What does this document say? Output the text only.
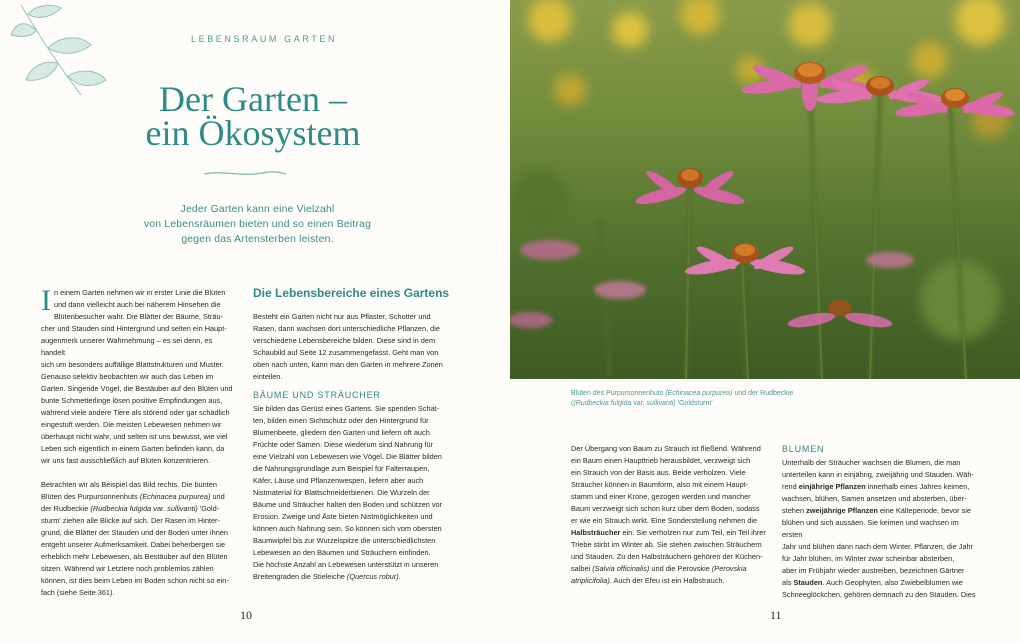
LEBENSRAUM GARTEN
Der Garten –
ein Ökosystem
Jeder Garten kann eine Vielzahl
von Lebensräumen bieten und so einen Beitrag
gegen das Artensterben leisten.
I n einem Garten nehmen wir in erster Linie die Blüten
und dann vielleicht auch bei näherem Hinsehen die
Blütenbesucher wahr. Die Blätter der Bäume, Sträu-
cher und Stauden sind Hintergrund und selten ein Haupt-
augenmerk unserer Wahrnehmung – es sei denn, es handelt
sich um besonders auffällige Blattstrukturen und Muster.
Genauso selektiv beobachten wir auch das Leben im
Garten. Singende Vögel, die Bestäuber auf den Blüten und
bunte Schmetterlinge lösen positive Empfindungen aus,
während viele andere Tiere als störend oder gar schädlich
eingestuft werden. Die meisten Lebewesen nehmen wir
überhaupt nicht wahr, und selten ist uns bewusst, wie viel
Leben sich eigentlich in einem Garten befinden kann, da
wir uns fast ausschließlich auf Blüten konzentrieren.
Betrachten wir als Beispiel das Bild rechts. Die bunten
Blüten des Purpursonnenhuts (Echinacea purpurea) und
der Rudbeckie (Rudbeckia fulgida var. sullivanti) 'Gold-
sturm' ziehen alle Blicke auf sich. Der Rasen im Hinter-
grund, die Blätter der Stauden und der Boden unter ihnen
entgeht unserer Aufmerksamkeit. Dabei beherbergen sie
erheblich mehr Lebewesen, als Bestäuber auf den Blüten
sitzen. Während wir Letztere noch problemlos zählen
können, ist dies beim Leben im Boden schon nicht so ein-
fach (siehe Seite 361).
Die Lebensbereiche eines Gartens
Besteht ein Garten nicht nur aus Pflaster, Schotter und
Rasen, dann wachsen dort unterschiedliche Pflanzen, die
verschiedene Lebensbereiche bilden. Diese sind in dem
Schaubild auf Seite 12 zusammengefasst. Geht man von
oben nach unten, kann man den Garten in mehrere Zonen
einteilen.
BÄUME UND STRÄUCHER
Sie bilden das Gerüst eines Gartens. Sie spenden Schat-
ten, bilden einen Sichtschutz oder den Hintergrund für
Blumenbeete, gliedern den Garten und liefern oft auch
Früchte oder Samen. Diese wiederum sind Nahrung für
eine Vielzahl von Lebewesen wie Vögel. Die Blätter bilden
die Nahrungsgrundlage zum Beispiel für Falterraupen,
Käfer, Läuse und Pflanzenwespen, liefern aber auch
Nistmaterial für Blattschneiderbienen. Die Wurzeln der
Bäume und Sträucher halten den Boden und schützen vor
Erosion. Zweige und Äste bieten Nistmöglichkeiten und
können auch Nahrung sein. So können sich vom obersten
Baumwipfel bis zur Wurzelspitze die unterschiedlichsten
Lebewesen an den Bäumen und Sträuchern einfinden.
Die höchste Anzahl an Lebewesen unterstützt in unseren
Breitengraden die Stieleiche (Quercus robur).
10
Blüten des Purpursonnenhuts (Echinacea purpurea) und der Rudbeckie
((Rudbeckia fulgida var. sullivanti) 'Goldsturm'
Der Übergang von Baum zu Strauch ist fließend. Während
ein Baum einen Haupttrieb herausbildet, verzweigt sich
ein Strauch von der Basis aus. Beide verholzen. Viele
Sträucher können in Baumform, also mit einem Haupt-
stamm und einer Krone, gezogen werden und mancher
Baum verzweigt sich schon kurz über dem Boden, sodass
er wie ein Strauch wirkt. Eine Sonderstellung nehmen die
Halbsträucher ein. Sie verholzen nur zum Teil, ein Teil ihrer
Triebe stirbt im Winter ab. Sie stehen zwischen Sträuchern
und Stauden. Zu den Halbsträuchern gehören der Küchen-
salbei (Salvia officinalis) und die Perovskie (Perovskia
atriplicifolia). Auch der Efeu ist ein Halbstrauch.
BLUMEN
Unterhalb der Sträucher wachsen die Blumen, die man
unterteilen kann in einjährig, zweijährig und Stauden. Wäh-
rend einjährige Pflanzen innerhalb eines Jahres keimen,
wachsen, blühen, Samen ansetzen und absterben, über-
stehen zweijährige Pflanzen eine Kälteperiode, bevor sie
blühen und sich aussäen. Sie keimen und wachsen im ersten
Jahr und blühen dann nach dem Winter. Pflanzen, die Jahr
für Jahr blühen, im Winter zwar scheinbar absterben,
aber im Frühjahr wieder austreiben, bezeichnen Gärtner
als Stauden. Auch Geophyten, also Zwiebelblumen wie
Schneeglöckchen, gehören demnach zu den Stauden. Dies
11
